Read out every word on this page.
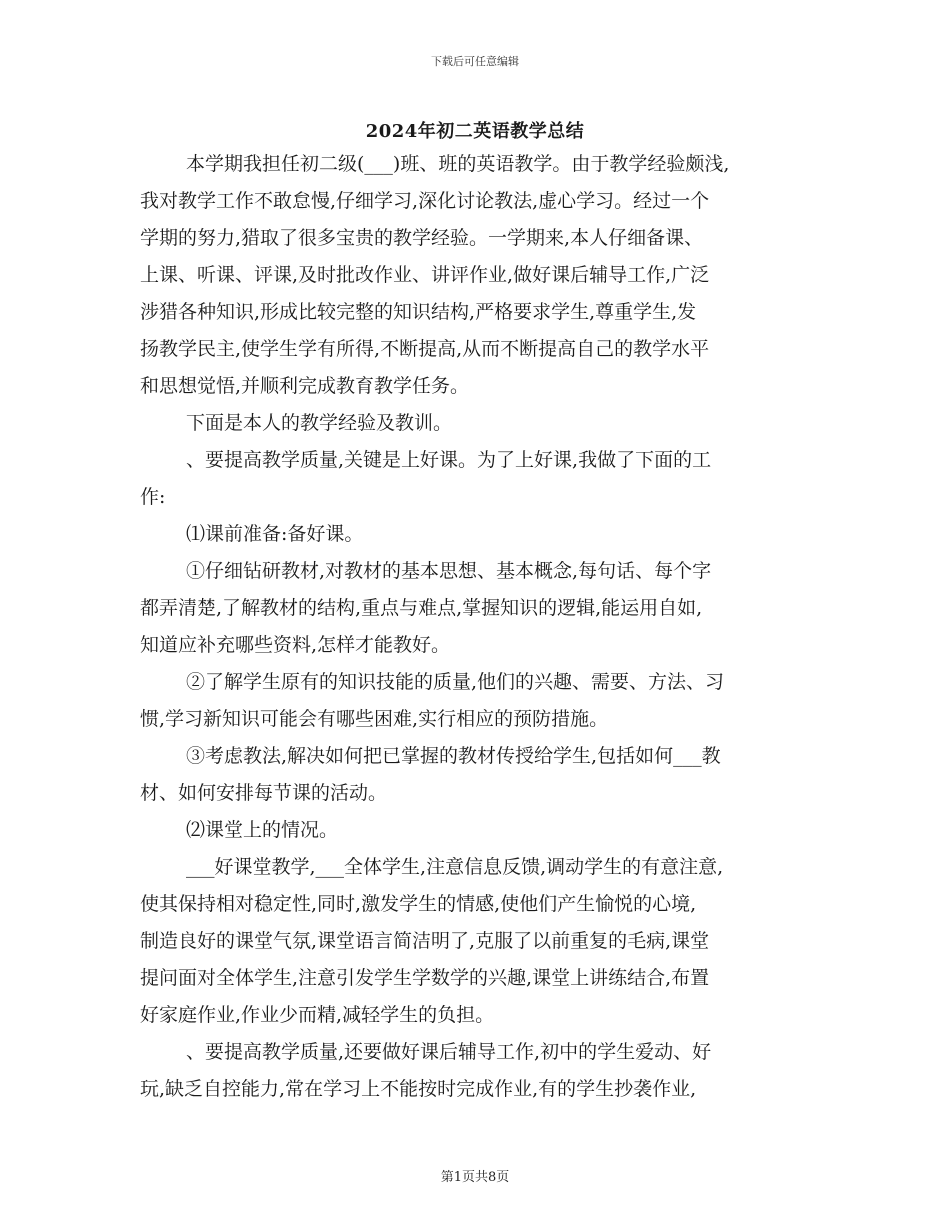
下载后可任意编辑
2024年初二英语教学总结
本学期我担任初二级(___)班、班的英语教学。由于教学经验颇浅,
我对教学工作不敢怠慢,仔细学习,深化讨论教法,虚心学习。经过一个
学期的努力,猎取了很多宝贵的教学经验。一学期来,本人仔细备课、
上课、听课、评课,及时批改作业、讲评作业,做好课后辅导工作,广泛
涉猎各种知识,形成比较完整的知识结构,严格要求学生,尊重学生,发
扬教学民主,使学生学有所得,不断提高,从而不断提高自己的教学水平
和思想觉悟,并顺利完成教育教学任务。
下面是本人的教学经验及教训。
、要提高教学质量,关键是上好课。为了上好课,我做了下面的工
作:
⑴课前准备:备好课。
①仔细钻研教材,对教材的基本思想、基本概念,每句话、每个字
都弄清楚,了解教材的结构,重点与难点,掌握知识的逻辑,能运用自如,
知道应补充哪些资料,怎样才能教好。
②了解学生原有的知识技能的质量,他们的兴趣、需要、方法、习
惯,学习新知识可能会有哪些困难,实行相应的预防措施。
③考虑教法,解决如何把已掌握的教材传授给学生,包括如何___教
材、如何安排每节课的活动。
⑵课堂上的情况。
___好课堂教学,___全体学生,注意信息反馈,调动学生的有意注意,
使其保持相对稳定性,同时,激发学生的情感,使他们产生愉悦的心境,
制造良好的课堂气氛,课堂语言简洁明了,克服了以前重复的毛病,课堂
提问面对全体学生,注意引发学生学数学的兴趣,课堂上讲练结合,布置
好家庭作业,作业少而精,减轻学生的负担。
、要提高教学质量,还要做好课后辅导工作,初中的学生爱动、好
玩,缺乏自控能力,常在学习上不能按时完成作业,有的学生抄袭作业,
第1页共8页
